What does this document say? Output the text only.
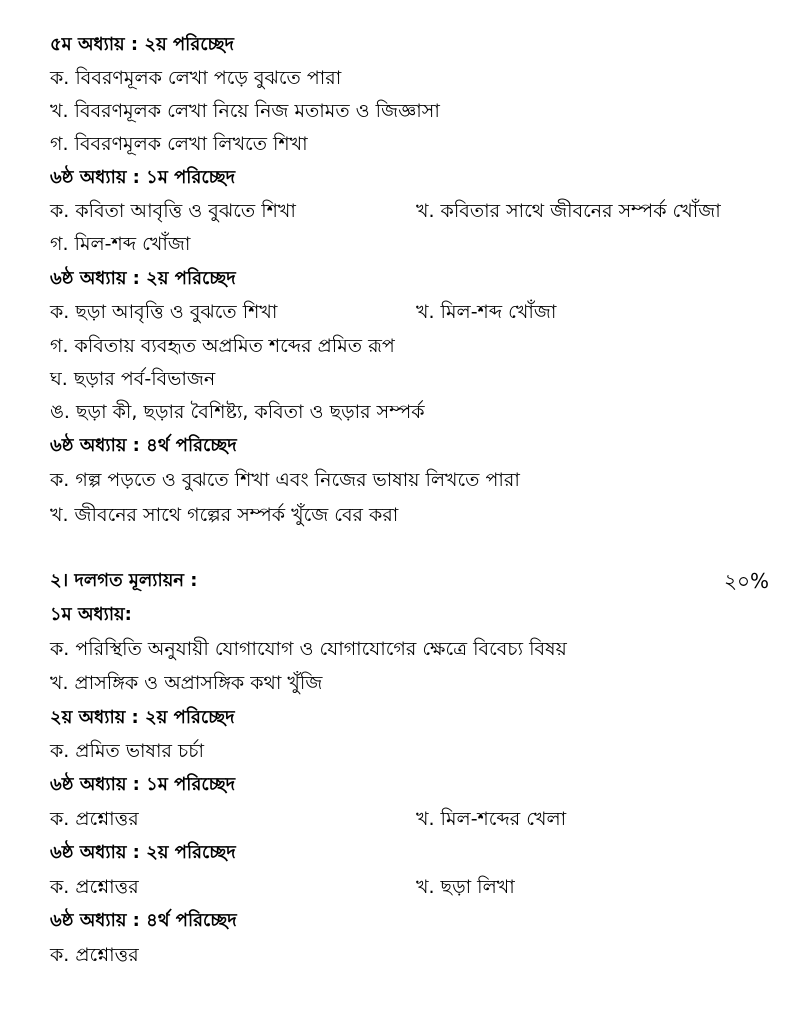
৫ম অধ্যায় : ২য় পরিচ্ছেদ
ক. বিবরণমূলক লেখা পড়ে বুঝতে পারা
খ. বিবরণমূলক লেখা নিয়ে নিজ মতামত ও জিজ্ঞাসা
গ. বিবরণমূলক লেখা লিখতে শিখা
৬ষ্ঠ অধ্যায় : ১ম পরিচ্ছেদ
ক. কবিতা আবৃত্তি ও বুঝতে শিখা	খ. কবিতার সাথে জীবনের সম্পর্ক খোঁজা
গ. মিল-শব্দ খোঁজা
৬ষ্ঠ অধ্যায় : ২য় পরিচ্ছেদ
ক. ছড়া আবৃত্তি ও বুঝতে শিখা	খ. মিল-শব্দ খোঁজা
গ. কবিতায় ব্যবহৃত অপ্রমিত শব্দের প্রমিত রূপ
ঘ. ছড়ার পর্ব-বিভাজন
ঙ. ছড়া কী, ছড়ার বৈশিষ্ট্য, কবিতা ও ছড়ার সম্পর্ক
৬ষ্ঠ অধ্যায় : ৪র্থ পরিচ্ছেদ
ক. গল্প পড়তে ও বুঝতে শিখা এবং নিজের ভাষায় লিখতে পারা
খ. জীবনের সাথে গল্পের সম্পর্ক খুঁজে বের করা
২। দলগত মূল্যায়ন :	২০%
১ম অধ্যায়:
ক. পরিস্থিতি অনুযায়ী যোগাযোগ ও যোগাযোগের ক্ষেত্রে বিবেচ্য বিষয়
খ. প্রাসঙ্গিক ও অপ্রাসঙ্গিক কথা খুঁজি
২য় অধ্যায় : ২য় পরিচ্ছেদ
ক. প্রমিত ভাষার চর্চা
৬ষ্ঠ অধ্যায় : ১ম পরিচ্ছেদ
ক. প্রশ্নোত্তর	খ. মিল-শব্দের খেলা
৬ষ্ঠ অধ্যায় : ২য় পরিচ্ছেদ
ক. প্রশ্নোত্তর	খ. ছড়া লিখা
৬ষ্ঠ অধ্যায় : ৪র্থ পরিচ্ছেদ
ক. প্রশ্নোত্তর
